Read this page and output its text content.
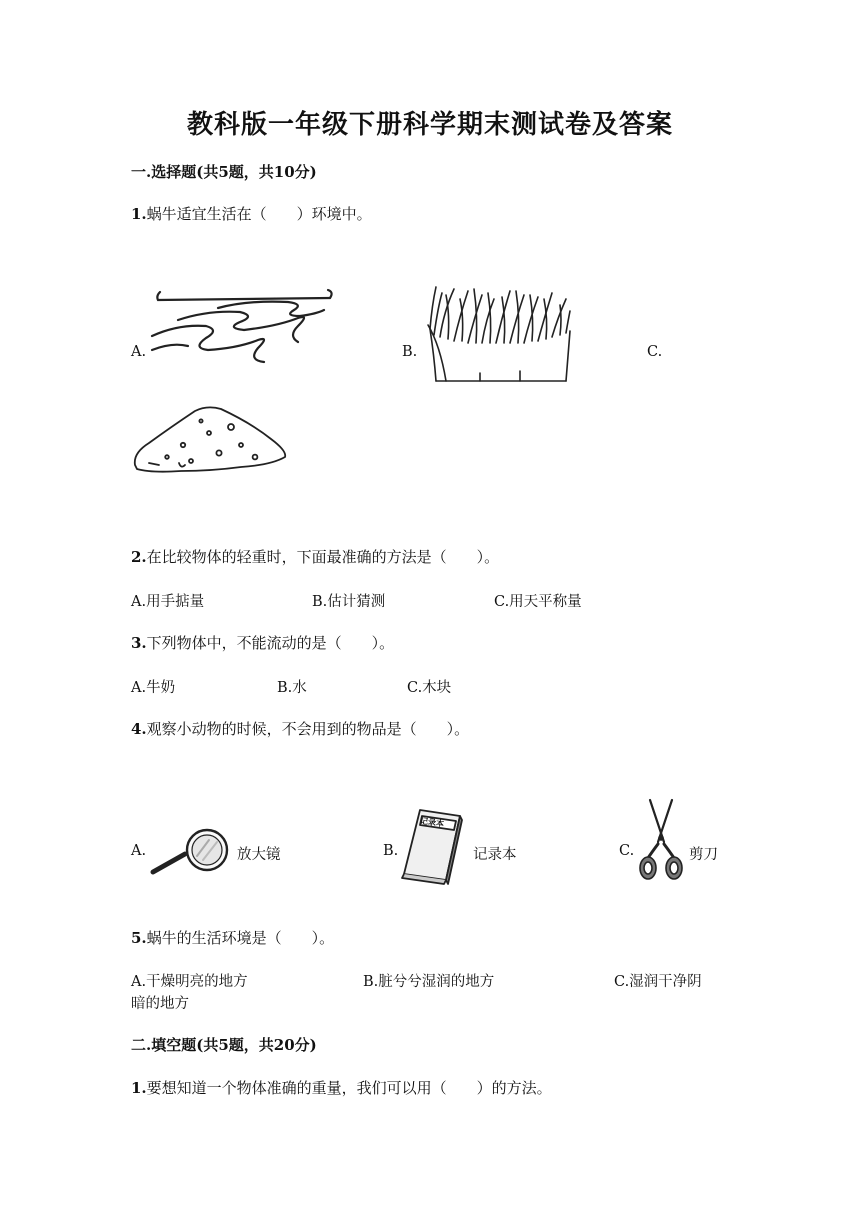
教科版一年级下册科学期末测试卷及答案
一.选择题(共5题，共10分)
1.蜗牛适宜生活在（　　）环境中。
A.	B.	C.
2.在比较物体的轻重时，下面最准确的方法是（　　）。
A.用手掂量	B.估计猜测	C.用天平称量
3.下列物体中，不能流动的是（　　）。
A.牛奶	B.水	C.木块
4.观察小动物的时候，不会用到的物品是（　　）。
A.	放大镜	B.
记录本
记录本	C.	剪刀
5.蜗牛的生活环境是（　　）。
A.干燥明亮的地方	B.脏兮兮湿润的地方	C.湿润干净阴
暗的地方
二.填空题(共5题，共20分)
1.要想知道一个物体准确的重量，我们可以用（　　）的方法。
